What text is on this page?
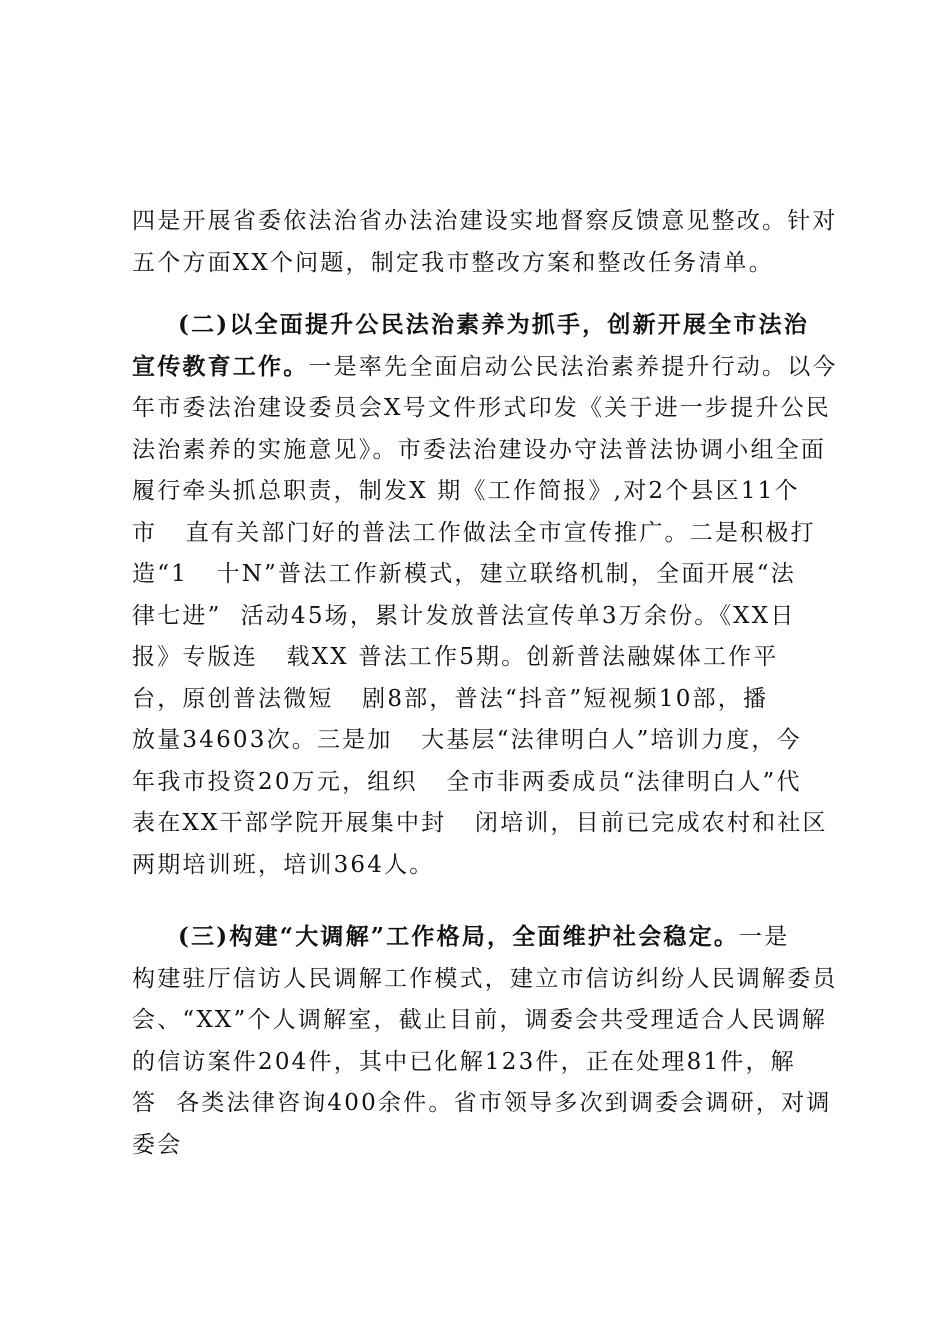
四是开展省委依法治省办法治建设实地督察反馈意见整改。针对
五个方面XX个问题，制定我市整改方案和整改任务清单。
(二)以全面提升公民法治素养为抓手，创新开展全市法治
宣传教育工作。一是率先全面启动公民法治素养提升行动。以今
年市委法治建设委员会X号文件形式印发《关于进一步提升公民
法治素养的实施意见》。市委法治建设办守法普法协调小组全面
履行牵头抓总职责，制发X 期《工作简报》,对2个县区11个
市   直有关部门好的普法工作做法全市宣传推广。二是积极打
造“1   十N”普法工作新模式，建立联络机制，全面开展“法
律七进”  活动45场，累计发放普法宣传单3万余份。《XX日
报》专版连   载XX 普法工作5期。创新普法融媒体工作平
台，原创普法微短   剧8部，普法“抖音”短视频10部，播
放量34603次。三是加   大基层“法律明白人”培训力度，今
年我市投资20万元，组织   全市非两委成员“法律明白人”代
表在XX干部学院开展集中封   闭培训，目前已完成农村和社区
两期培训班，培训364人。
(三)构建“大调解”工作格局，全面维护社会稳定。一是
构建驻厅信访人民调解工作模式，建立市信访纠纷人民调解委员
会、“XX”个人调解室，截止目前，调委会共受理适合人民调解
的信访案件204件，其中已化解123件，正在处理81件，解
答  各类法律咨询400余件。省市领导多次到调委会调研，对调
委会
